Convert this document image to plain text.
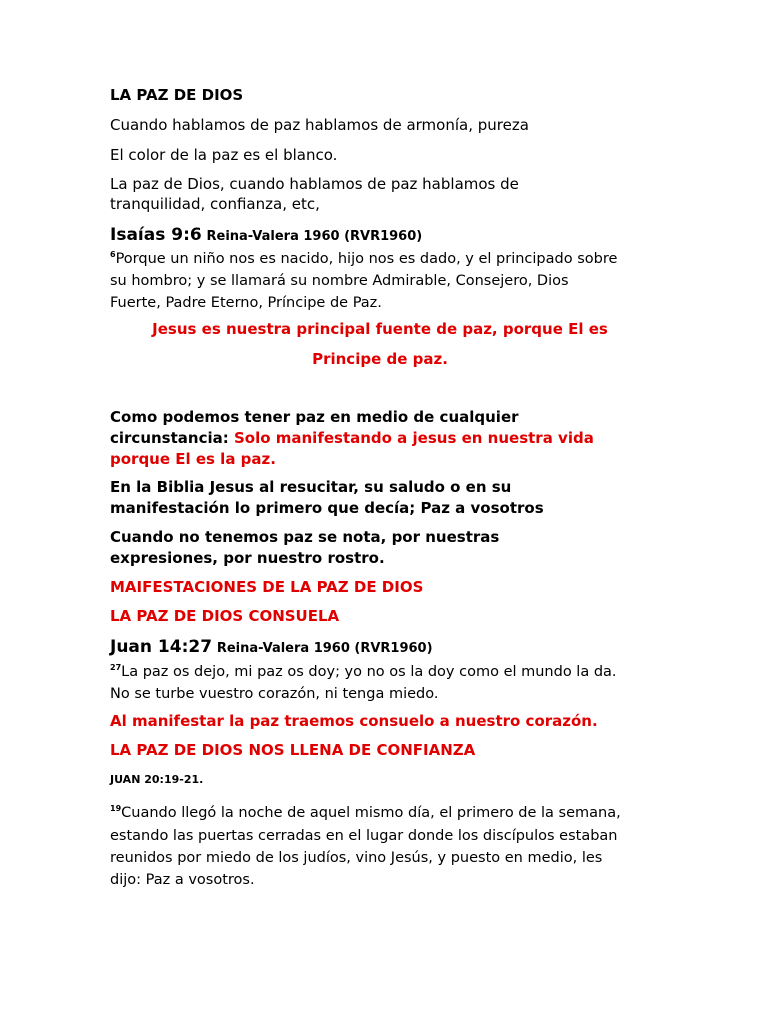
LA PAZ DE DIOS
Cuando hablamos de paz hablamos de armonía, pureza
El color de la paz es el blanco.
La paz de Dios, cuando hablamos de paz hablamos de
tranquilidad, confianza, etc,
Isaías 9:6 Reina-Valera 1960 (RVR1960)
$^6$Porque un niño nos es nacido, hijo nos es dado, y el principado sobre
su hombro; y se llamará su nombre Admirable, Consejero, Dios
Fuerte, Padre Eterno, Príncipe de Paz.
Jesus es nuestra principal fuente de paz, porque El es
Principe de paz.
Como podemos tener paz en medio de cualquier
circunstancia: Solo manifestando a jesus en nuestra vida
porque El es la paz.
En la Biblia Jesus al resucitar, su saludo o en su
manifestación lo primero que decía; Paz a vosotros
Cuando no tenemos paz se nota, por nuestras
expresiones, por nuestro rostro.
MAIFESTACIONES DE LA PAZ DE DIOS
LA PAZ DE DIOS CONSUELA
Juan 14:27 Reina-Valera 1960 (RVR1960)
$^{27}$La paz os dejo, mi paz os doy; yo no os la doy como el mundo la da.
No se turbe vuestro corazón, ni tenga miedo.
Al manifestar la paz traemos consuelo a nuestro corazón.
LA PAZ DE DIOS NOS LLENA DE CONFIANZA
JUAN 20:19-21.
$^{19}$Cuando llegó la noche de aquel mismo día, el primero de la semana,
estando las puertas cerradas en el lugar donde los discípulos estaban
reunidos por miedo de los judíos, vino Jesús, y puesto en medio, les
dijo: Paz a vosotros.
